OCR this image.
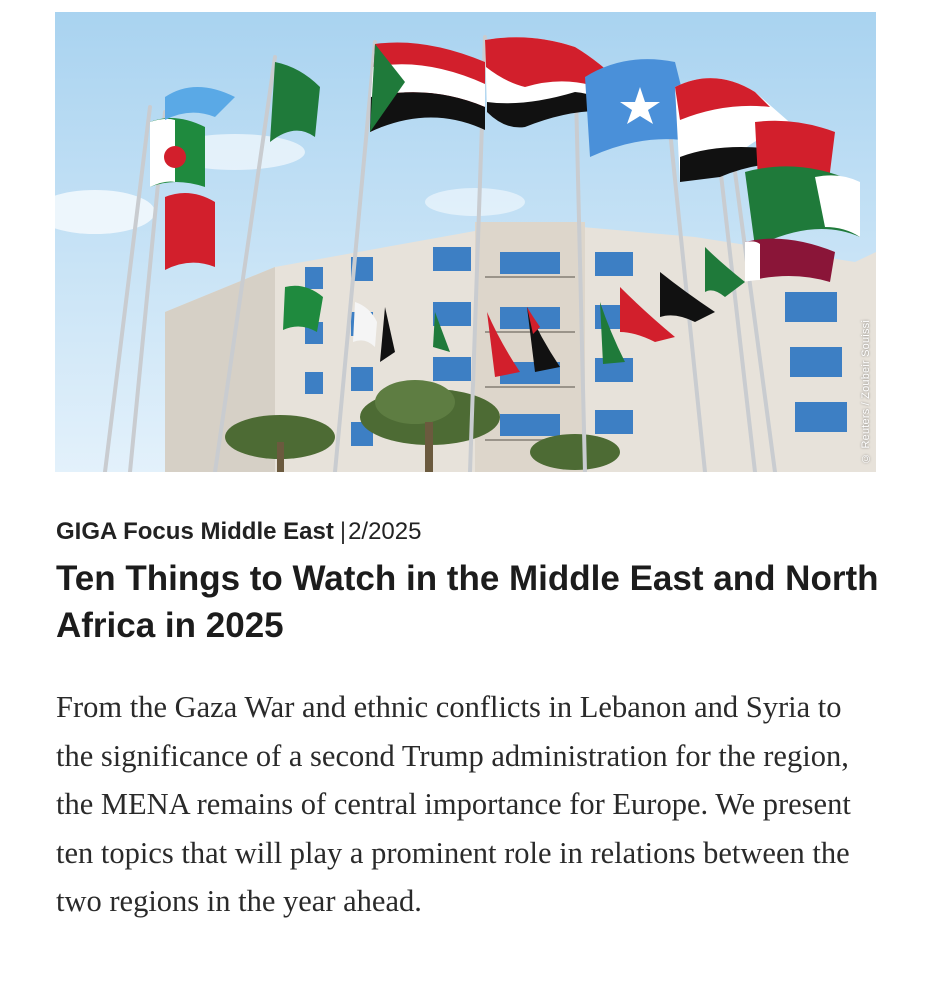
© Reuters / Zoubeir Souissi
GIGA Focus Middle East |2/2025
Ten Things to Watch in the Middle East and North Africa in 2025

From the Gaza War and ethnic conflicts in Lebanon and Syria to the significance of a second Trump administration for the region, the MENA remains of central importance for Europe. We present ten topics that will play a prominent role in relations between the two regions in the year ahead.
